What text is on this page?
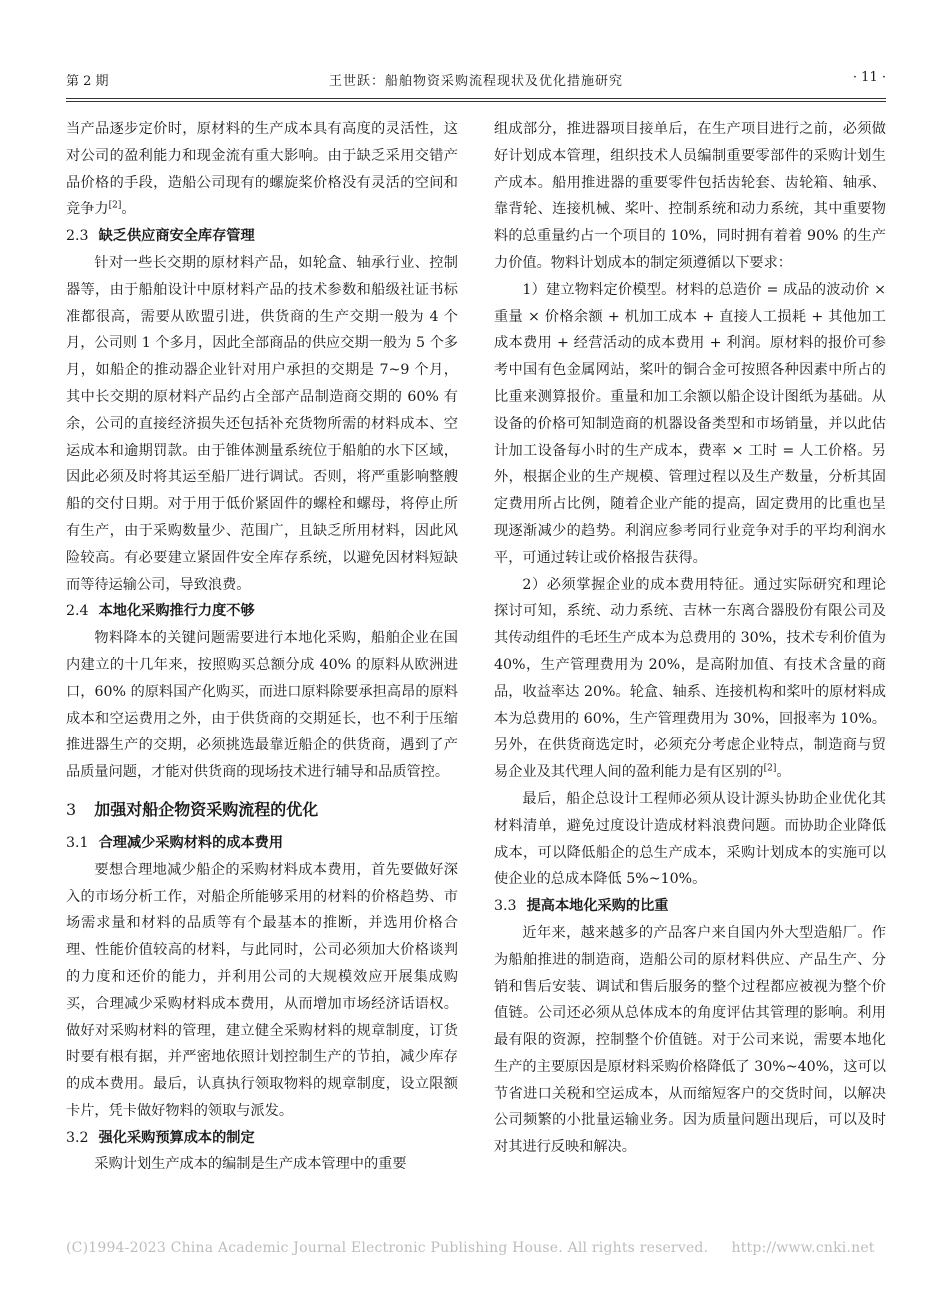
第 2 期	王世跃：船舶物资采购流程现状及优化措施研究	· 11 ·

当产品逐步定价时，原材料的生产成本具有高度的灵活性，这对公司的盈利能力和现金流有重大影响。由于缺乏采用交错产品价格的手段，造船公司现有的螺旋桨价格没有灵活的空间和竞争力[2]。

2.3 缺乏供应商安全库存管理

针对一些长交期的原材料产品，如轮盒、轴承行业、控制器等，由于船舶设计中原材料产品的技术参数和船级社证书标准都很高，需要从欧盟引进，供货商的生产交期一般为 4 个月，公司则 1 个多月，因此全部商品的供应交期一般为 5 个多月，如船企的推动器企业针对用户承担的交期是 7~9 个月，其中长交期的原材料产品约占全部产品制造商交期的 60% 有余，公司的直接经济损失还包括补充货物所需的材料成本、空运成本和逾期罚款。由于锥体测量系统位于船舶的水下区域，因此必须及时将其运至船厂进行调试。否则，将严重影响整艘船的交付日期。对于用于低价紧固件的螺栓和螺母，将停止所有生产，由于采购数量少、范围广，且缺乏所用材料，因此风险较高。有必要建立紧固件安全库存系统，以避免因材料短缺而等待运输公司，导致浪费。

2.4 本地化采购推行力度不够

物料降本的关键问题需要进行本地化采购，船舶企业在国内建立的十几年来，按照购买总额分成 40% 的原料从欧洲进口，60% 的原料国产化购买，而进口原料除要承担高昂的原料成本和空运费用之外，由于供货商的交期延长，也不利于压缩推进器生产的交期，必须挑选最靠近船企的供货商，遇到了产品质量问题，才能对供货商的现场技术进行辅导和品质管控。

3 加强对船企物资采购流程的优化
3.1 合理减少采购材料的成本费用

要想合理地减少船企的采购材料成本费用，首先要做好深入的市场分析工作，对船企所能够采用的材料的价格趋势、市场需求量和材料的品质等有个最基本的推断，并选用价格合理、性能价值较高的材料，与此同时，公司必须加大价格谈判的力度和还价的能力，并利用公司的大规模效应开展集成购买，合理减少采购材料成本费用，从而增加市场经济话语权。做好对采购材料的管理，建立健全采购材料的规章制度，订货时要有根有据，并严密地依照计划控制生产的节拍，减少库存的成本费用。最后，认真执行领取物料的规章制度，设立限额卡片，凭卡做好物料的领取与派发。

3.2 强化采购预算成本的制定

采购计划生产成本的编制是生产成本管理中的重要

组成部分，推进器项目接单后，在生产项目进行之前，必须做好计划成本管理，组织技术人员编制重要零部件的采购计划生产成本。船用推进器的重要零件包括齿轮套、齿轮箱、轴承、靠背轮、连接机械、桨叶、控制系统和动力系统，其中重要物料的总重量约占一个项目的 10%，同时拥有着着 90% 的生产力价值。物料计划成本的制定须遵循以下要求：

1）建立物料定价模型。材料的总造价 = 成品的波动价 × 重量 × 价格余额 + 机加工成本 + 直接人工损耗 + 其他加工成本费用 + 经营活动的成本费用 + 利润。原材料的报价可参考中国有色金属网站，桨叶的铜合金可按照各种因素中所占的比重来测算报价。重量和加工余额以船企设计图纸为基础。从设备的价格可知制造商的机器设备类型和市场销量，并以此估计加工设备每小时的生产成本，费率 × 工时 = 人工价格。另外，根据企业的生产规模、管理过程以及生产数量，分析其固定费用所占比例，随着企业产能的提高，固定费用的比重也呈现逐渐减少的趋势。利润应参考同行业竞争对手的平均利润水平，可通过转让或价格报告获得。

2）必须掌握企业的成本费用特征。通过实际研究和理论探讨可知，系统、动力系统、吉林一东离合器股份有限公司及其传动组件的毛坯生产成本为总费用的 30%，技术专利价值为 40%，生产管理费用为 20%，是高附加值、有技术含量的商品，收益率达 20%。轮盒、轴系、连接机构和桨叶的原材料成本为总费用的 60%，生产管理费用为 30%，回报率为 10%。另外，在供货商选定时，必须充分考虑企业特点，制造商与贸易企业及其代理人间的盈利能力是有区别的[2]。

最后，船企总设计工程师必须从设计源头协助企业优化其材料清单，避免过度设计造成材料浪费问题。而协助企业降低成本，可以降低船企的总生产成本，采购计划成本的实施可以使企业的总成本降低 5%~10%。

3.3 提高本地化采购的比重

近年来，越来越多的产品客户来自国内外大型造船厂。作为船舶推进的制造商，造船公司的原材料供应、产品生产、分销和售后安装、调试和售后服务的整个过程都应被视为整个价值链。公司还必须从总体成本的角度评估其管理的影响。利用最有限的资源，控制整个价值链。对于公司来说，需要本地化生产的主要原因是原材料采购价格降低了 30%~40%，这可以节省进口关税和空运成本，从而缩短客户的交货时间，以解决公司频繁的小批量运输业务。因为质量问题出现后，可以及时对其进行反映和解决。

(C)1994-2023 China Academic Journal Electronic Publishing House. All rights reserved. http://www.cnki.net
